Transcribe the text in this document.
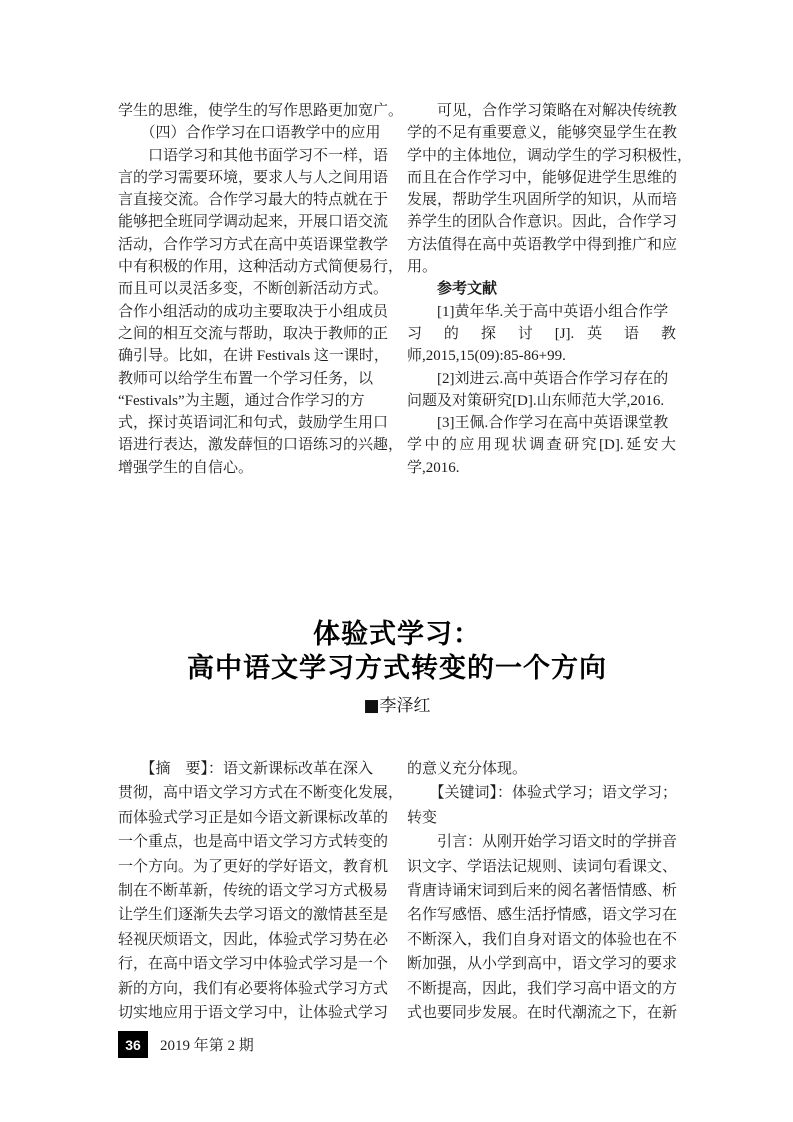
学生的思维，使学生的写作思路更加宽广。
　　（四）合作学习在口语教学中的应用
　　口语学习和其他书面学习不一样，语
言的学习需要环境，要求人与人之间用语
言直接交流。合作学习最大的特点就在于
能够把全班同学调动起来，开展口语交流
活动，合作学习方式在高中英语课堂教学
中有积极的作用，这种活动方式简便易行，
而且可以灵活多变，不断创新活动方式。
合作小组活动的成功主要取决于小组成员
之间的相互交流与帮助，取决于教师的正
确引导。比如，在讲 Festivals 这一课时，
教师可以给学生布置一个学习任务，以
“Festivals”为主题，通过合作学习的方
式，探讨英语词汇和句式，鼓励学生用口
语进行表达，激发薛恒的口语练习的兴趣，
增强学生的自信心。
　　可见，合作学习策略在对解决传统教
学的不足有重要意义，能够突显学生在教
学中的主体地位，调动学生的学习积极性，
而且在合作学习中，能够促进学生思维的
发展，帮助学生巩固所学的知识，从而培
养学生的团队合作意识。因此，合作学习
方法值得在高中英语教学中得到推广和应
用。
　　参考文献
　　[1]黄年华.关于高中英语小组合作学
习 的 探 讨 [J]. 英 语 教
师,2015,15(09):85-86+99.
　　[2]刘进云.高中英语合作学习存在的
问题及对策研究[D].山东师范大学,2016.
　　[3]王佩.合作学习在高中英语课堂教
学中的应用现状调查研究[D].延安大
学,2016.
体验式学习：
高中语文学习方式转变的一个方向
■李泽红
　　【摘　要】：语文新课标改革在深入
贯彻，高中语文学习方式在不断变化发展，
而体验式学习正是如今语文新课标改革的
一个重点，也是高中语文学习方式转变的
一个方向。为了更好的学好语文，教育机
制在不断革新，传统的语文学习方式极易
让学生们逐渐失去学习语文的激情甚至是
轻视厌烦语文，因此，体验式学习势在必
行，在高中语文学习中体验式学习是一个
新的方向，我们有必要将体验式学习方式
切实地应用于语文学习中，让体验式学习
的意义充分体现。
　　【关键词】：体验式学习；语文学习；
转变
　　引言：从刚开始学习语文时的学拼音
识文字、学语法记规则、读词句看课文、
背唐诗诵宋词到后来的阅名著悟情感、析
名作写感悟、感生活抒情感，语文学习在
不断深入，我们自身对语文的体验也在不
断加强，从小学到高中，语文学习的要求
不断提高，因此，我们学习高中语文的方
式也要同步发展。在时代潮流之下，在新
36	2019 年第 2 期
